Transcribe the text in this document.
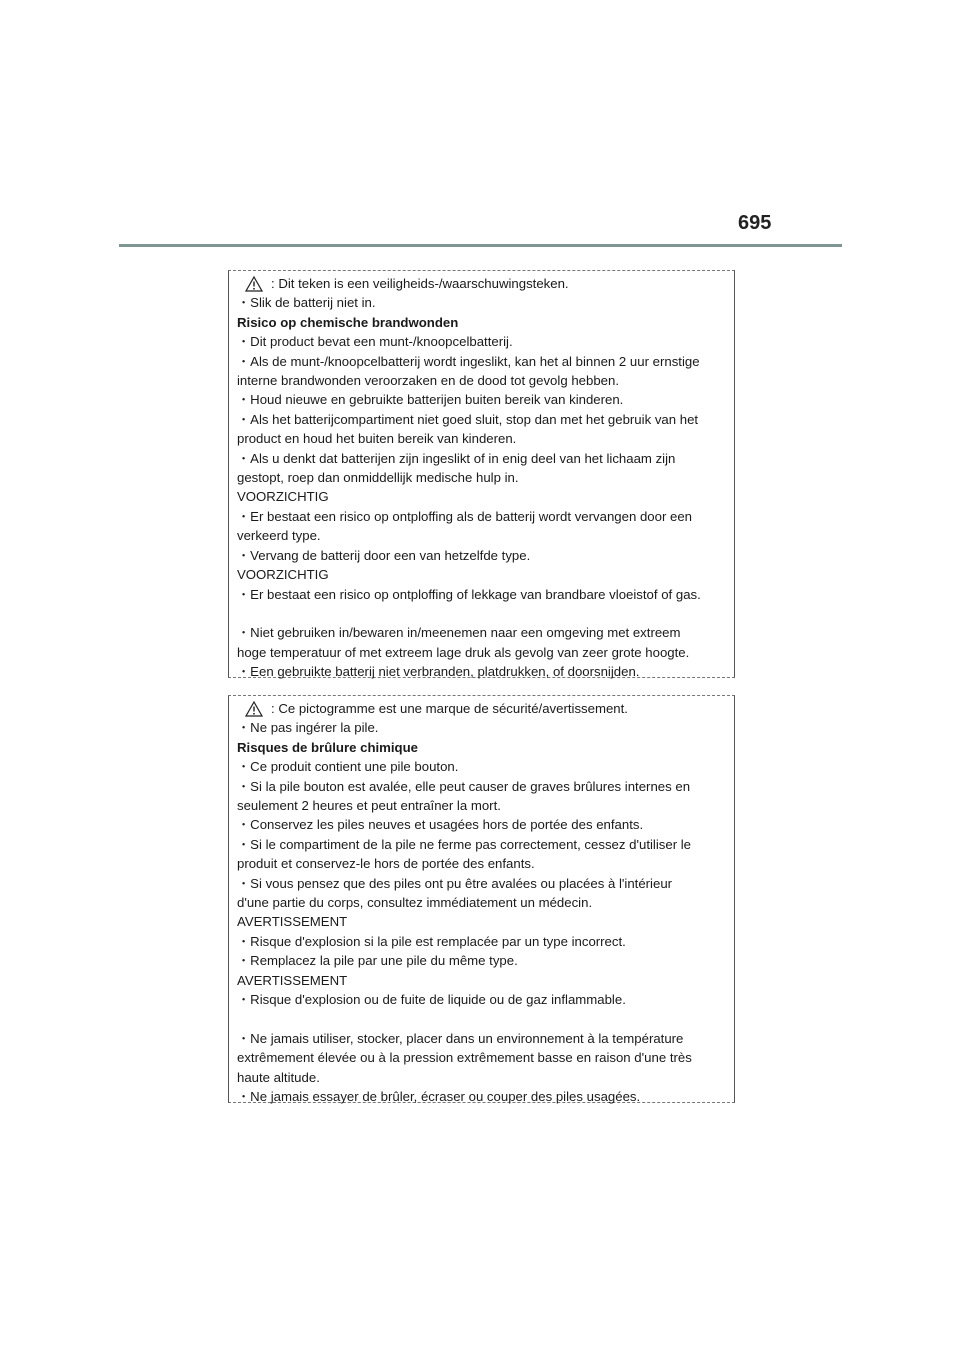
695
: Dit teken is een veiligheids-/waarschuwingsteken.
・Slik de batterij niet in.
Risico op chemische brandwonden
・Dit product bevat een munt-/knoopcelbatterij.
・Als de munt-/knoopcelbatterij wordt ingeslikt, kan het al binnen 2 uur ernstige
interne brandwonden veroorzaken en de dood tot gevolg hebben.
・Houd nieuwe en gebruikte batterijen buiten bereik van kinderen.
・Als het batterijcompartiment niet goed sluit, stop dan met het gebruik van het
product en houd het buiten bereik van kinderen.
・Als u denkt dat batterijen zijn ingeslikt of in enig deel van het lichaam zijn
gestopt, roep dan onmiddellijk medische hulp in.
VOORZICHTIG
・Er bestaat een risico op ontploffing als de batterij wordt vervangen door een
verkeerd type.
・Vervang de batterij door een van hetzelfde type.
VOORZICHTIG
・Er bestaat een risico op ontploffing of lekkage van brandbare vloeistof of gas.
・Niet gebruiken in/bewaren in/meenemen naar een omgeving met extreem
hoge temperatuur of met extreem lage druk als gevolg van zeer grote hoogte.
・Een gebruikte batterij niet verbranden, platdrukken, of doorsnijden.
: Ce pictogramme est une marque de sécurité/avertissement.
・Ne pas ingérer la pile.
Risques de brûlure chimique
・Ce produit contient une pile bouton.
・Si la pile bouton est avalée, elle peut causer de graves brûlures internes en
seulement 2 heures et peut entraîner la mort.
・Conservez les piles neuves et usagées hors de portée des enfants.
・Si le compartiment de la pile ne ferme pas correctement, cessez d'utiliser le
produit et conservez-le hors de portée des enfants.
・Si vous pensez que des piles ont pu être avalées ou placées à l'intérieur
d'une partie du corps, consultez immédiatement un médecin.
AVERTISSEMENT
・Risque d'explosion si la pile est remplacée par un type incorrect.
・Remplacez la pile par une pile du même type.
AVERTISSEMENT
・Risque d'explosion ou de fuite de liquide ou de gaz inflammable.
・Ne jamais utiliser, stocker, placer dans un environnement à la température
extrêmement élevée ou à la pression extrêmement basse en raison d'une très
haute altitude.
・Ne jamais essayer de brûler, écraser ou couper des piles usagées.
